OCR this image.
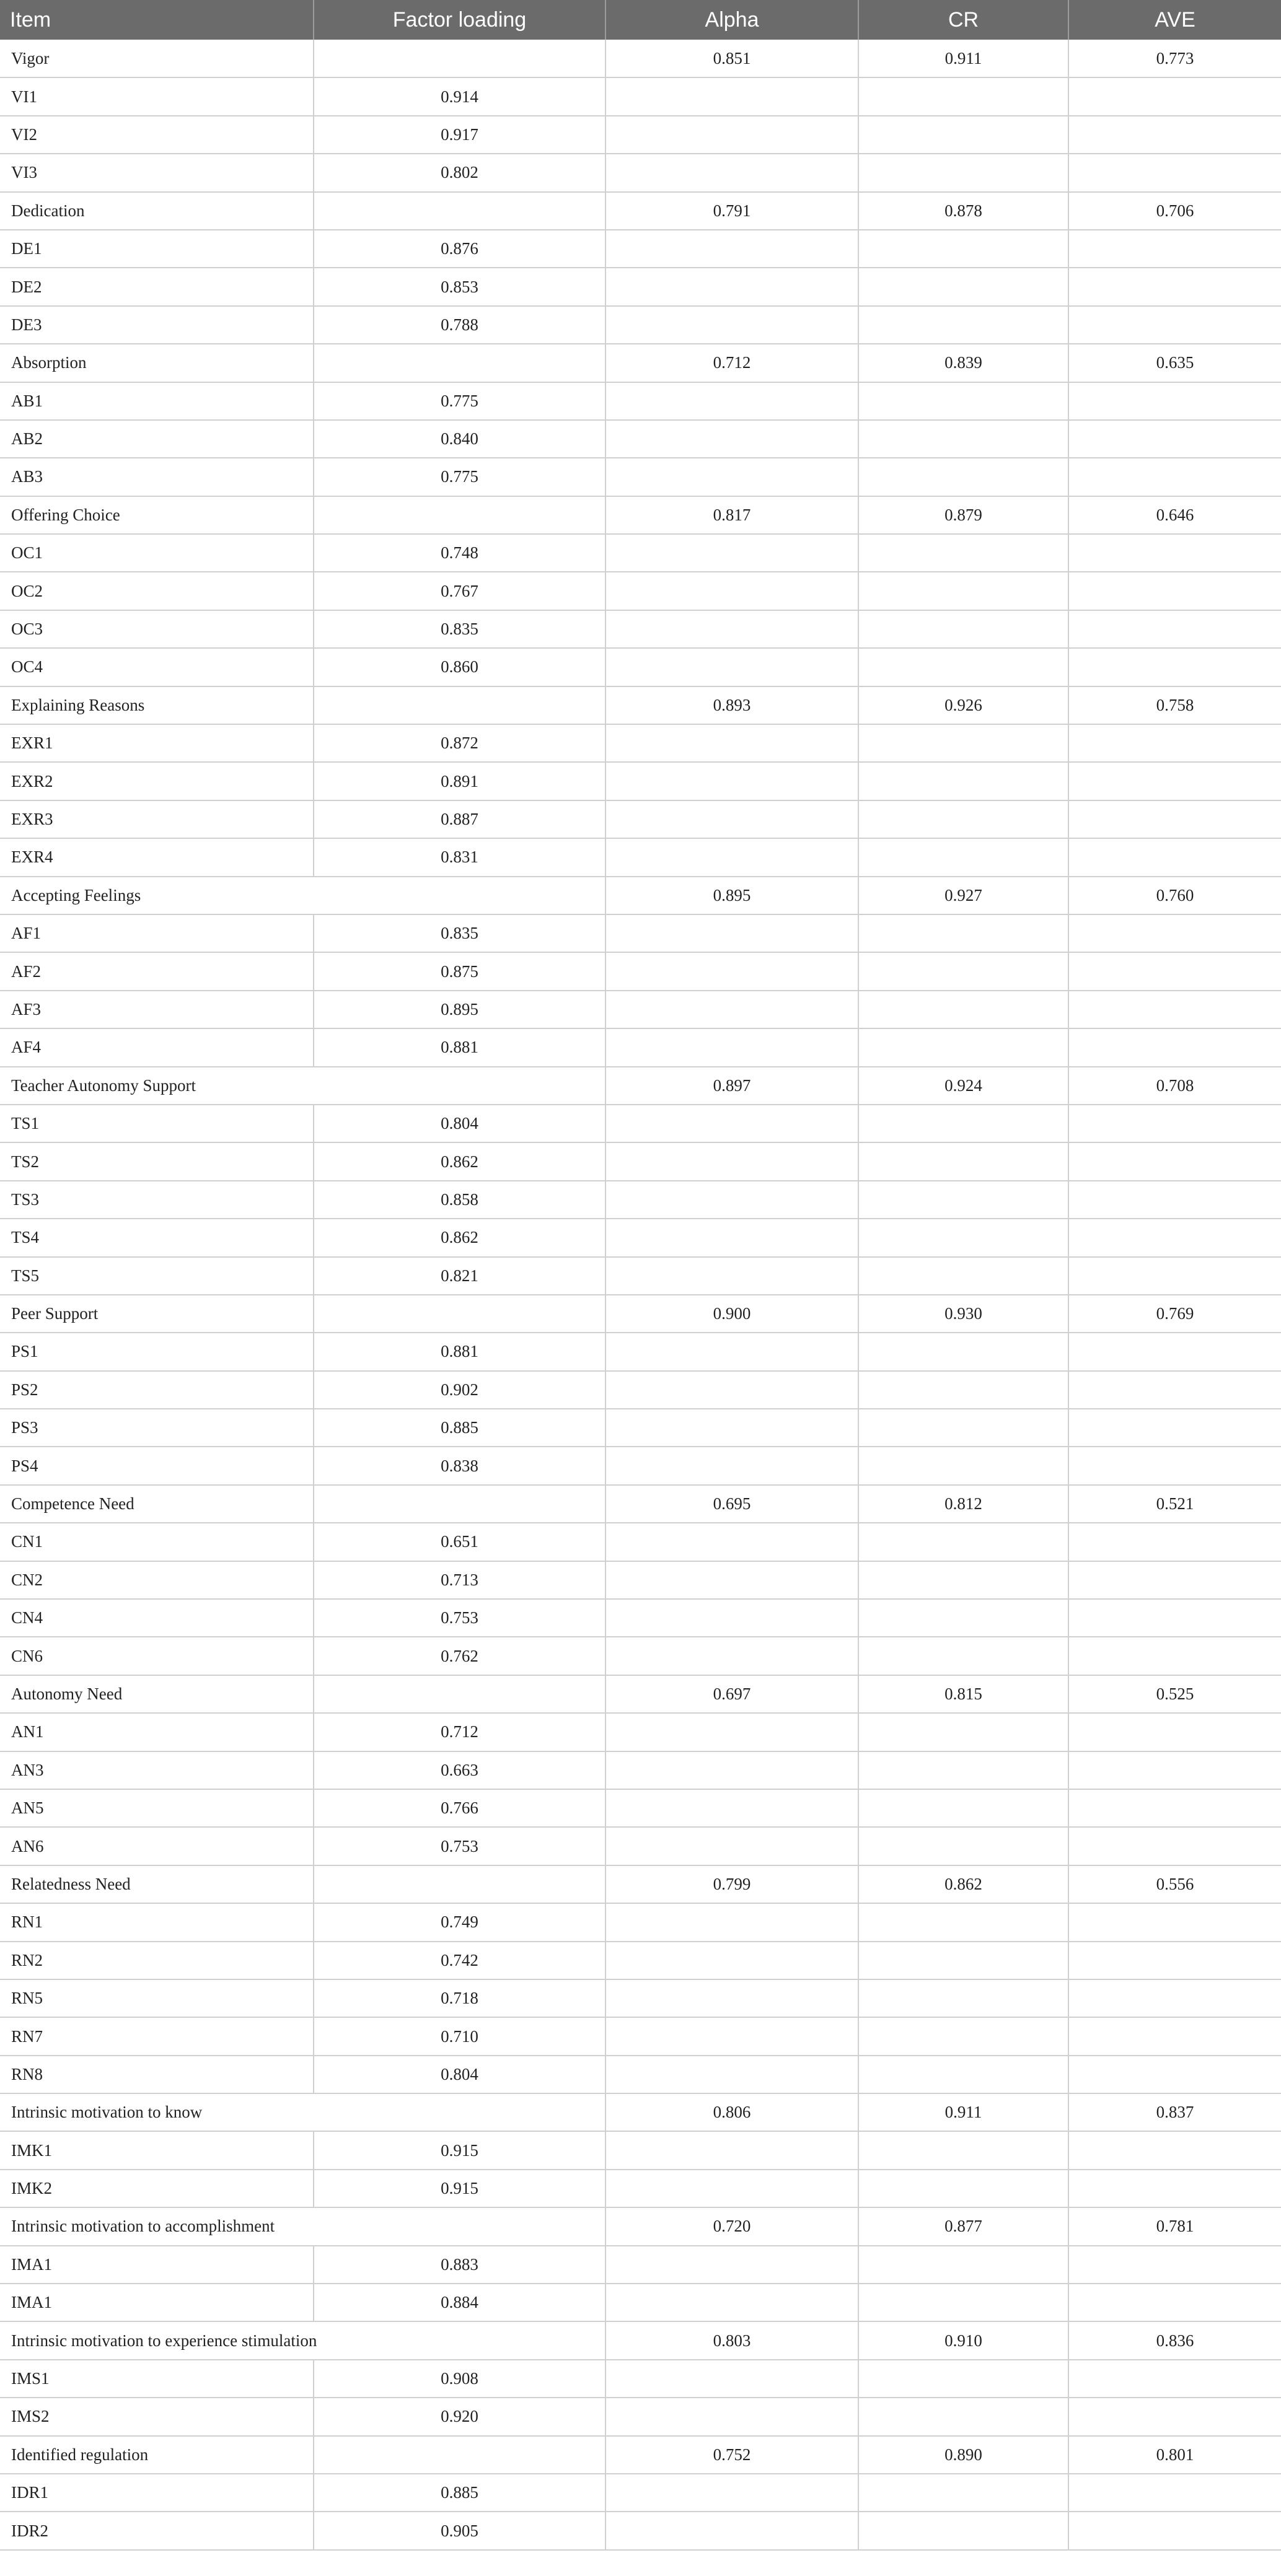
Item	Factor loading	Alpha	CR	AVE
Vigor		0.851	0.911	0.773
VI1	0.914			
VI2	0.917			
VI3	0.802			
Dedication		0.791	0.878	0.706
DE1	0.876			
DE2	0.853			
DE3	0.788			
Absorption		0.712	0.839	0.635
AB1	0.775			
AB2	0.840			
AB3	0.775			
Offering Choice		0.817	0.879	0.646
OC1	0.748			
OC2	0.767			
OC3	0.835			
OC4	0.860			
Explaining Reasons		0.893	0.926	0.758
EXR1	0.872			
EXR2	0.891			
EXR3	0.887			
EXR4	0.831			
Accepting Feelings		0.895	0.927	0.760
AF1	0.835			
AF2	0.875			
AF3	0.895			
AF4	0.881			
Teacher Autonomy Support		0.897	0.924	0.708
TS1	0.804			
TS2	0.862			
TS3	0.858			
TS4	0.862			
TS5	0.821			
Peer Support		0.900	0.930	0.769
PS1	0.881			
PS2	0.902			
PS3	0.885			
PS4	0.838			
Competence Need		0.695	0.812	0.521
CN1	0.651			
CN2	0.713			
CN4	0.753			
CN6	0.762			
Autonomy Need		0.697	0.815	0.525
AN1	0.712			
AN3	0.663			
AN5	0.766			
AN6	0.753			
Relatedness Need		0.799	0.862	0.556
RN1	0.749			
RN2	0.742			
RN5	0.718			
RN7	0.710			
RN8	0.804			
Intrinsic motivation to know		0.806	0.911	0.837
IMK1	0.915			
IMK2	0.915			
Intrinsic motivation to accomplishment		0.720	0.877	0.781
IMA1	0.883			
IMA1	0.884			
Intrinsic motivation to experience stimulation		0.803	0.910	0.836
IMS1	0.908			
IMS2	0.920			
Identified regulation		0.752	0.890	0.801
IDR1	0.885			
IDR2	0.905			
